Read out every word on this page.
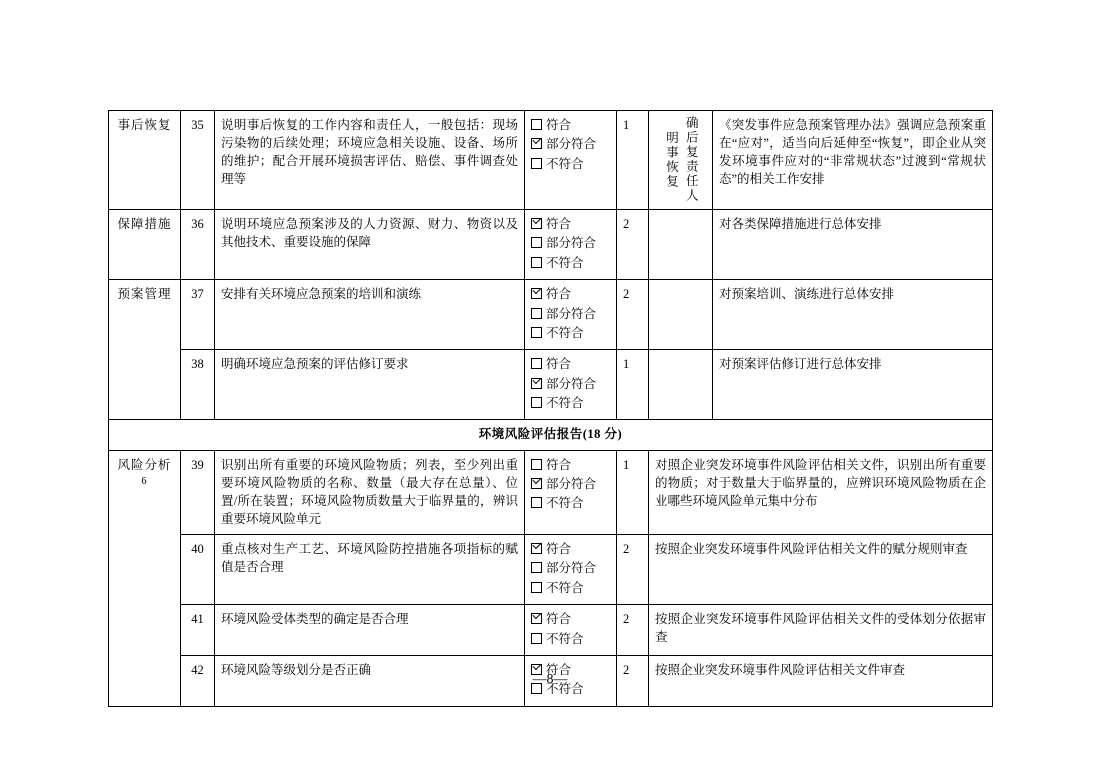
事后恢复	35	说明事后恢复的工作内容和责任人，一般包括：现场污染物的后续处理；环境应急相关设施、设备、场所的维护；配合开展环境损害评估、赔偿、事件调查处理等	符合
部分符合
不符合	1	明事恢复 确后复责任人	《突发事件应急预案管理办法》强调应急预案重在“应对”，适当向后延伸至“恢复”，即企业从突发环境事件应对的“非常规状态”过渡到“常规状态”的相关工作安排
保障措施	36	说明环境应急预案涉及的人力资源、财力、物资以及其他技术、重要设施的保障	符合
部分符合
不符合	2		对各类保障措施进行总体安排
预案管理	37	安排有关环境应急预案的培训和演练	符合
部分符合
不符合	2		对预案培训、演练进行总体安排
	38	明确环境应急预案的评估修订要求	符合
部分符合
不符合	1		对预案评估修订进行总体安排
环境风险评估报告(18 分)						
风险分析$^6$	39	识别出所有重要的环境风险物质；列表，至少列出重要环境风险物质的名称、数量（最大存在总量）、位置/所在装置；环境风险物质数量大于临界量的，辨识重要环境风险单元	符合
部分符合
不符合	1	对照企业突发环境事件风险评估相关文件，识别出所有重要的物质；对于数量大于临界量的，应辨识环境风险物质在企业哪些环境风险单元集中分布	
	40	重点核对生产工艺、环境风险防控措施各项指标的赋值是否合理	符合
部分符合
不符合	2	按照企业突发环境事件风险评估相关文件的赋分规则审查	
	41	环境风险受体类型的确定是否合理	符合
不符合	2	按照企业突发环境事件风险评估相关文件的受体划分依据审查	
	42	环境风险等级划分是否正确	符合
不符合	2	按照企业突发环境事件风险评估相关文件审查	
—8—
